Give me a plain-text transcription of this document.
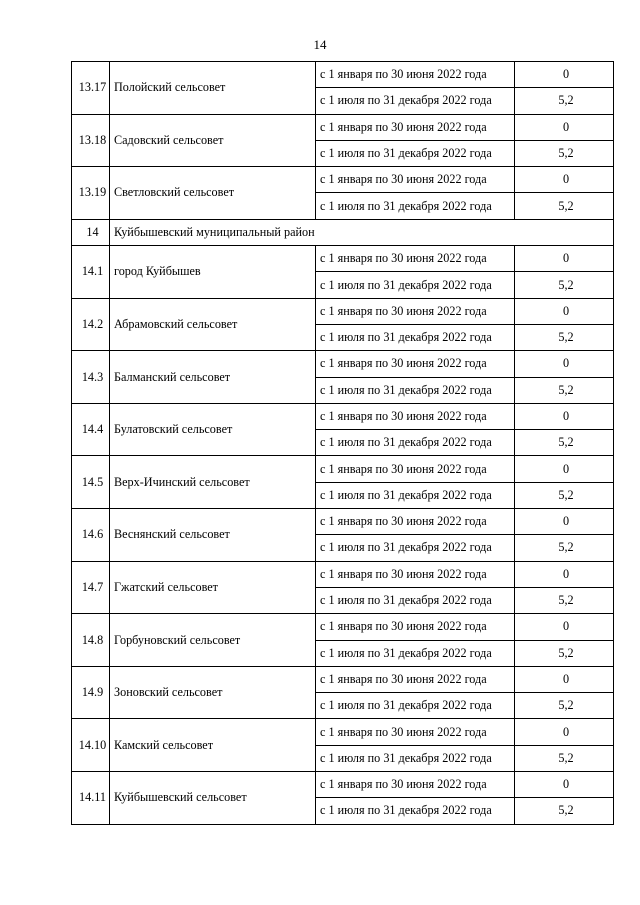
14
13.17	Полойский сельсовет	с 1 января по 30 июня 2022 года	0
		с 1 июля по 31 декабря 2022 года	5,2
13.18	Садовский сельсовет	с 1 января по 30 июня 2022 года	0
		с 1 июля по 31 декабря 2022 года	5,2
13.19	Светловский сельсовет	с 1 января по 30 июня 2022 года	0
		с 1 июля по 31 декабря 2022 года	5,2
14	Куйбышевский муниципальный район		
14.1	город Куйбышев	с 1 января по 30 июня 2022 года	0
		с 1 июля по 31 декабря 2022 года	5,2
14.2	Абрамовский сельсовет	с 1 января по 30 июня 2022 года	0
		с 1 июля по 31 декабря 2022 года	5,2
14.3	Балманский сельсовет	с 1 января по 30 июня 2022 года	0
		с 1 июля по 31 декабря 2022 года	5,2
14.4	Булатовский сельсовет	с 1 января по 30 июня 2022 года	0
		с 1 июля по 31 декабря 2022 года	5,2
14.5	Верх-Ичинский сельсовет	с 1 января по 30 июня 2022 года	0
		с 1 июля по 31 декабря 2022 года	5,2
14.6	Веснянский сельсовет	с 1 января по 30 июня 2022 года	0
		с 1 июля по 31 декабря 2022 года	5,2
14.7	Гжатский сельсовет	с 1 января по 30 июня 2022 года	0
		с 1 июля по 31 декабря 2022 года	5,2
14.8	Горбуновский сельсовет	с 1 января по 30 июня 2022 года	0
		с 1 июля по 31 декабря 2022 года	5,2
14.9	Зоновский сельсовет	с 1 января по 30 июня 2022 года	0
		с 1 июля по 31 декабря 2022 года	5,2
14.10	Камский сельсовет	с 1 января по 30 июня 2022 года	0
		с 1 июля по 31 декабря 2022 года	5,2
14.11	Куйбышевский сельсовет	с 1 января по 30 июня 2022 года	0
		с 1 июля по 31 декабря 2022 года	5,2
